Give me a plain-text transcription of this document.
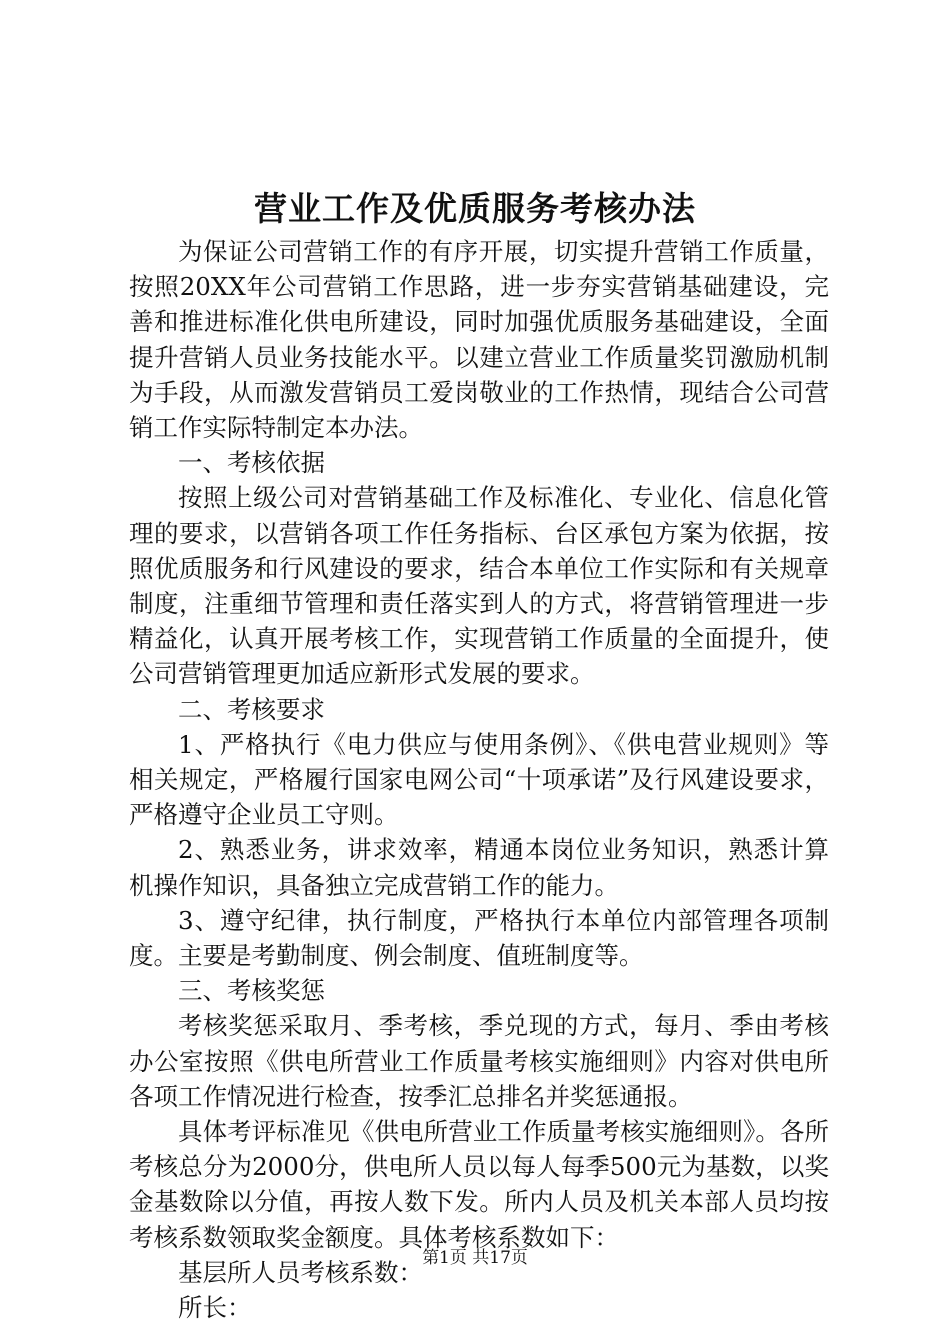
营业工作及优质服务考核办法

为保证公司营销工作的有序开展，切实提升营销工作质量，按照20XX年公司营销工作思路，进一步夯实营销基础建设，完善和推进标准化供电所建设，同时加强优质服务基础建设，全面提升营销人员业务技能水平。以建立营业工作质量奖罚激励机制为手段，从而激发营销员工爱岗敬业的工作热情，现结合公司营销工作实际特制定本办法。

一、考核依据

按照上级公司对营销基础工作及标准化、专业化、信息化管理的要求，以营销各项工作任务指标、台区承包方案为依据，按照优质服务和行风建设的要求，结合本单位工作实际和有关规章制度，注重细节管理和责任落实到人的方式，将营销管理进一步精益化，认真开展考核工作，实现营销工作质量的全面提升，使公司营销管理更加适应新形式发展的要求。

二、考核要求

1、严格执行《电力供应与使用条例》、《供电营业规则》等相关规定，严格履行国家电网公司“十项承诺”及行风建设要求，严格遵守企业员工守则。

2、熟悉业务，讲求效率，精通本岗位业务知识，熟悉计算机操作知识，具备独立完成营销工作的能力。

3、遵守纪律，执行制度，严格执行本单位内部管理各项制度。主要是考勤制度、例会制度、值班制度等。

三、考核奖惩

考核奖惩采取月、季考核，季兑现的方式，每月、季由考核办公室按照《供电所营业工作质量考核实施细则》内容对供电所各项工作情况进行检查，按季汇总排名并奖惩通报。

具体考评标准见《供电所营业工作质量考核实施细则》。各所考核总分为2000分，供电所人员以每人每季500元为基数，以奖金基数除以分值，再按人数下发。所内人员及机关本部人员均按考核系数领取奖金额度。具体考核系数如下：

基层所人员考核系数：

所长：

第1页 共17页
